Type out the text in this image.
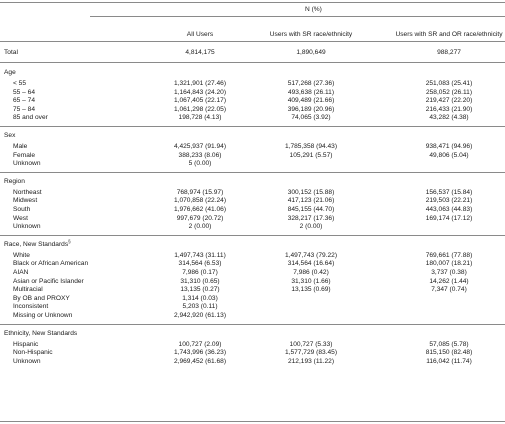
N (%)
All Users	Users with SR race/ethnicity	Users with SR and OR race/ethnicity
Total	4,814,175	1,890,649	988,277
Age
< 55	1,321,901 (27.46)	517,268 (27.36)	251,083 (25.41)
55 – 64	1,164,843 (24.20)	493,638 (26.11)	258,052 (26.11)
65 – 74	1,067,405 (22.17)	409,489 (21.66)	219,427 (22.20)
75 – 84	1,061,298 (22.05)	396,189 (20.96)	216,433 (21.90)
85 and over	198,728 (4.13)	74,065 (3.92)	43,282 (4.38)
Sex
Male	4,425,937 (91.94)	1,785,358 (94.43)	938,471 (94.96)
Female	388,233 (8.06)	105,291 (5.57)	49,806 (5.04)
Unknown	5 (0.00)
Region
Northeast	768,974 (15.97)	300,152 (15.88)	156,537 (15.84)
Midwest	1,070,858 (22.24)	417,123 (21.06)	219,503 (22.21)
South	1,976,662 (41.06)	845,155 (44.70)	443,063 (44.83)
West	997,679 (20.72)	328,217 (17.36)	169,174 (17.12)
Unknown	2 (0.00)	2 (0.00)
Race, New Standards§
White	1,497,743 (31.11)	1,497,743 (79.22)	769,661 (77.88)
Black or African American	314,564 (6.53)	314,564 (16.64)	180,007 (18.21)
AIAN	7,986 (0.17)	7,986 (0.42)	3,737 (0.38)
Asian or Pacific Islander	31,310 (0.65)	31,310 (1.66)	14,262 (1.44)
Multiracial	13,135 (0.27)	13,135 (0.69)	7,347 (0.74)
By OB and PROXY	1,314 (0.03)
Inconsistent	5,203 (0.11)
Missing or Unknown	2,942,920 (61.13)
Ethnicity, New Standards
Hispanic	100,727 (2.09)	100,727 (5.33)	57,085 (5.78)
Non-Hispanic	1,743,996 (36.23)	1,577,729 (83.45)	815,150 (82.48)
Unknown	2,969,452 (61.68)	212,193 (11.22)	116,042 (11.74)
